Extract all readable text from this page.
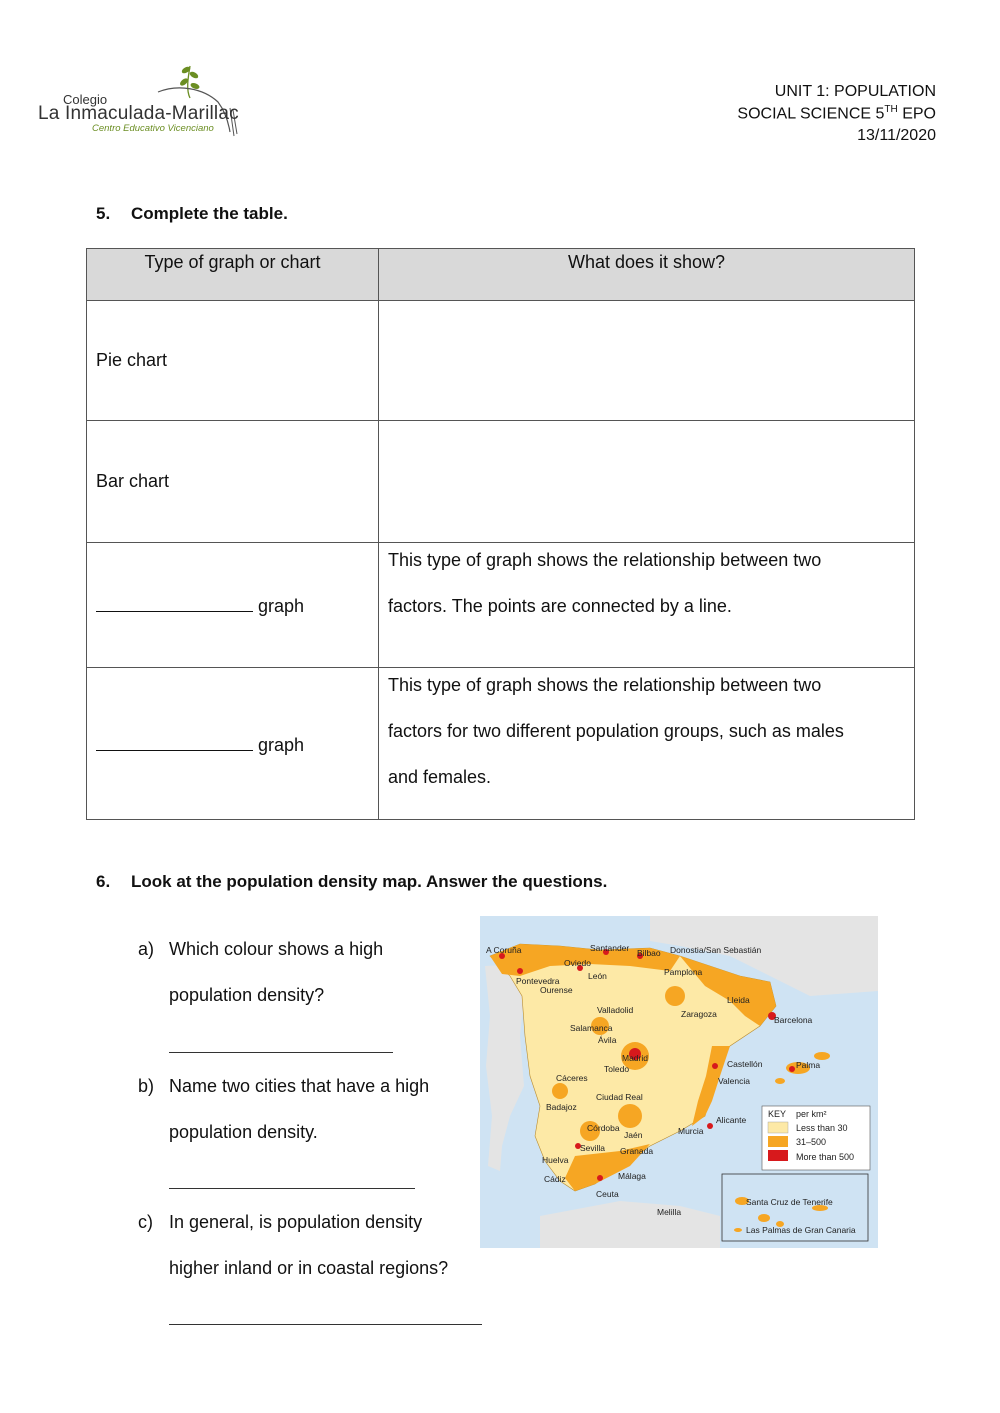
Colegio
La Inmaculada-Marillac
Centro Educativo Vicenciano
UNIT 1: POPULATION
SOCIAL SCIENCE 5TH EPO
13/11/2020
5. Complete the table.
Type of graph or chart	What does it show?
Pie chart	
Bar chart	
graph	This type of graph shows the relationship between two
factors. The points are connected by a line.

graph	This type of graph shows the relationship between two
factors for two different population groups, such as males
and females.
6. Look at the population density map. Answer the questions.
a) Which colour shows a high
population density?
b) Name two cities that have a high
population density.
c) In general, is population density
higher inland or in coastal regions?
A Coruña	Santander Bilbao Donostia/San Sebastián
Oviedo
Pontevedra
Ourense
León	Pamplona
Lleida
Valladolid	Zaragoza
Barcelona
Salamanca
Ávila
Madrid
Toledo	Castellón	Palma
Cáceres	Valencia
Ciudad Real
Badajoz
Alicante
Córdoba
Jaén	Murcia
Sevilla Granada
Huelva
Cádiz	Málaga
Ceuta
Melilla
KEY per km²
Less than 30
31–500
More than 500
Santa Cruz de Tenerife
Las Palmas de Gran Canaria
